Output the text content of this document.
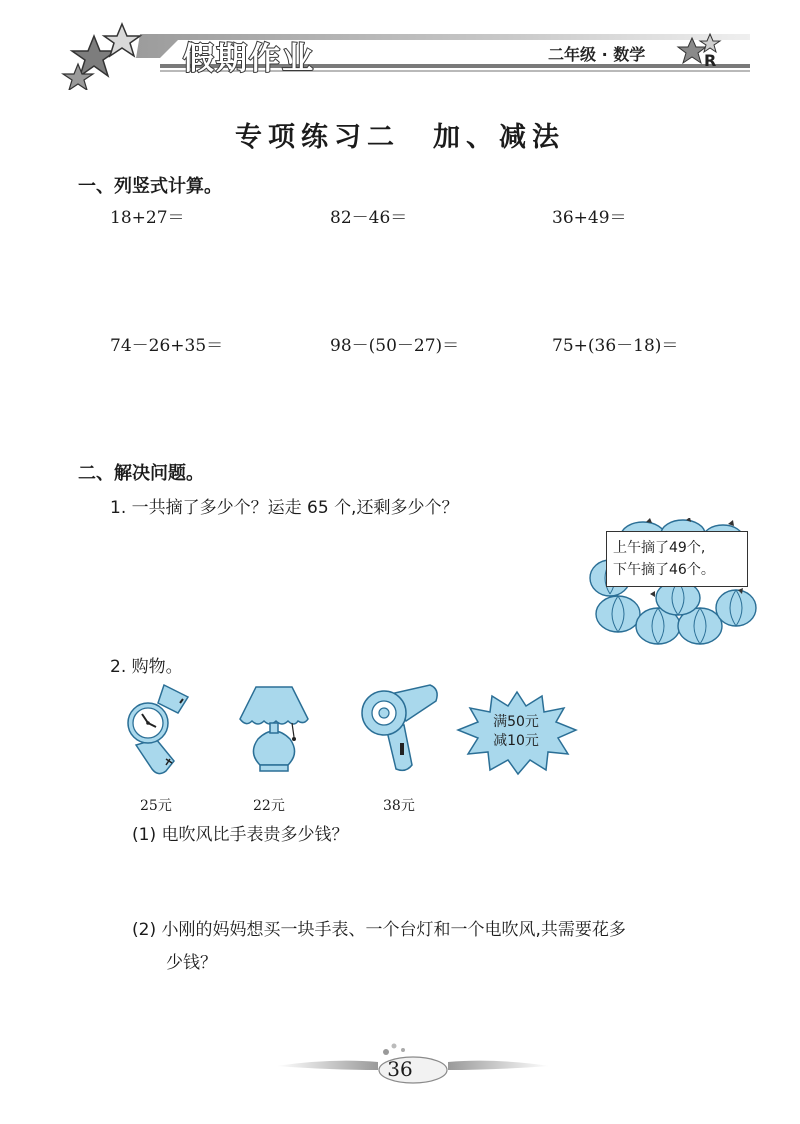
假期作业	二年级 · 数学	R
专项练习二　加、减法
一、列竖式计算。
18+27＝	82－46＝	36+49＝
74－26+35＝	98－(50－27)＝	75+(36－18)＝
二、解决问题。
1. 一共摘了多少个？运走 65 个,还剩多少个？
上午摘了49个,
下午摘了46个。
2. 购物。
25元	22元	38元
满50元
减10元
(1) 电吹风比手表贵多少钱？
(2) 小刚的妈妈想买一块手表、一个台灯和一个电吹风,共需要花多
少钱？
36
